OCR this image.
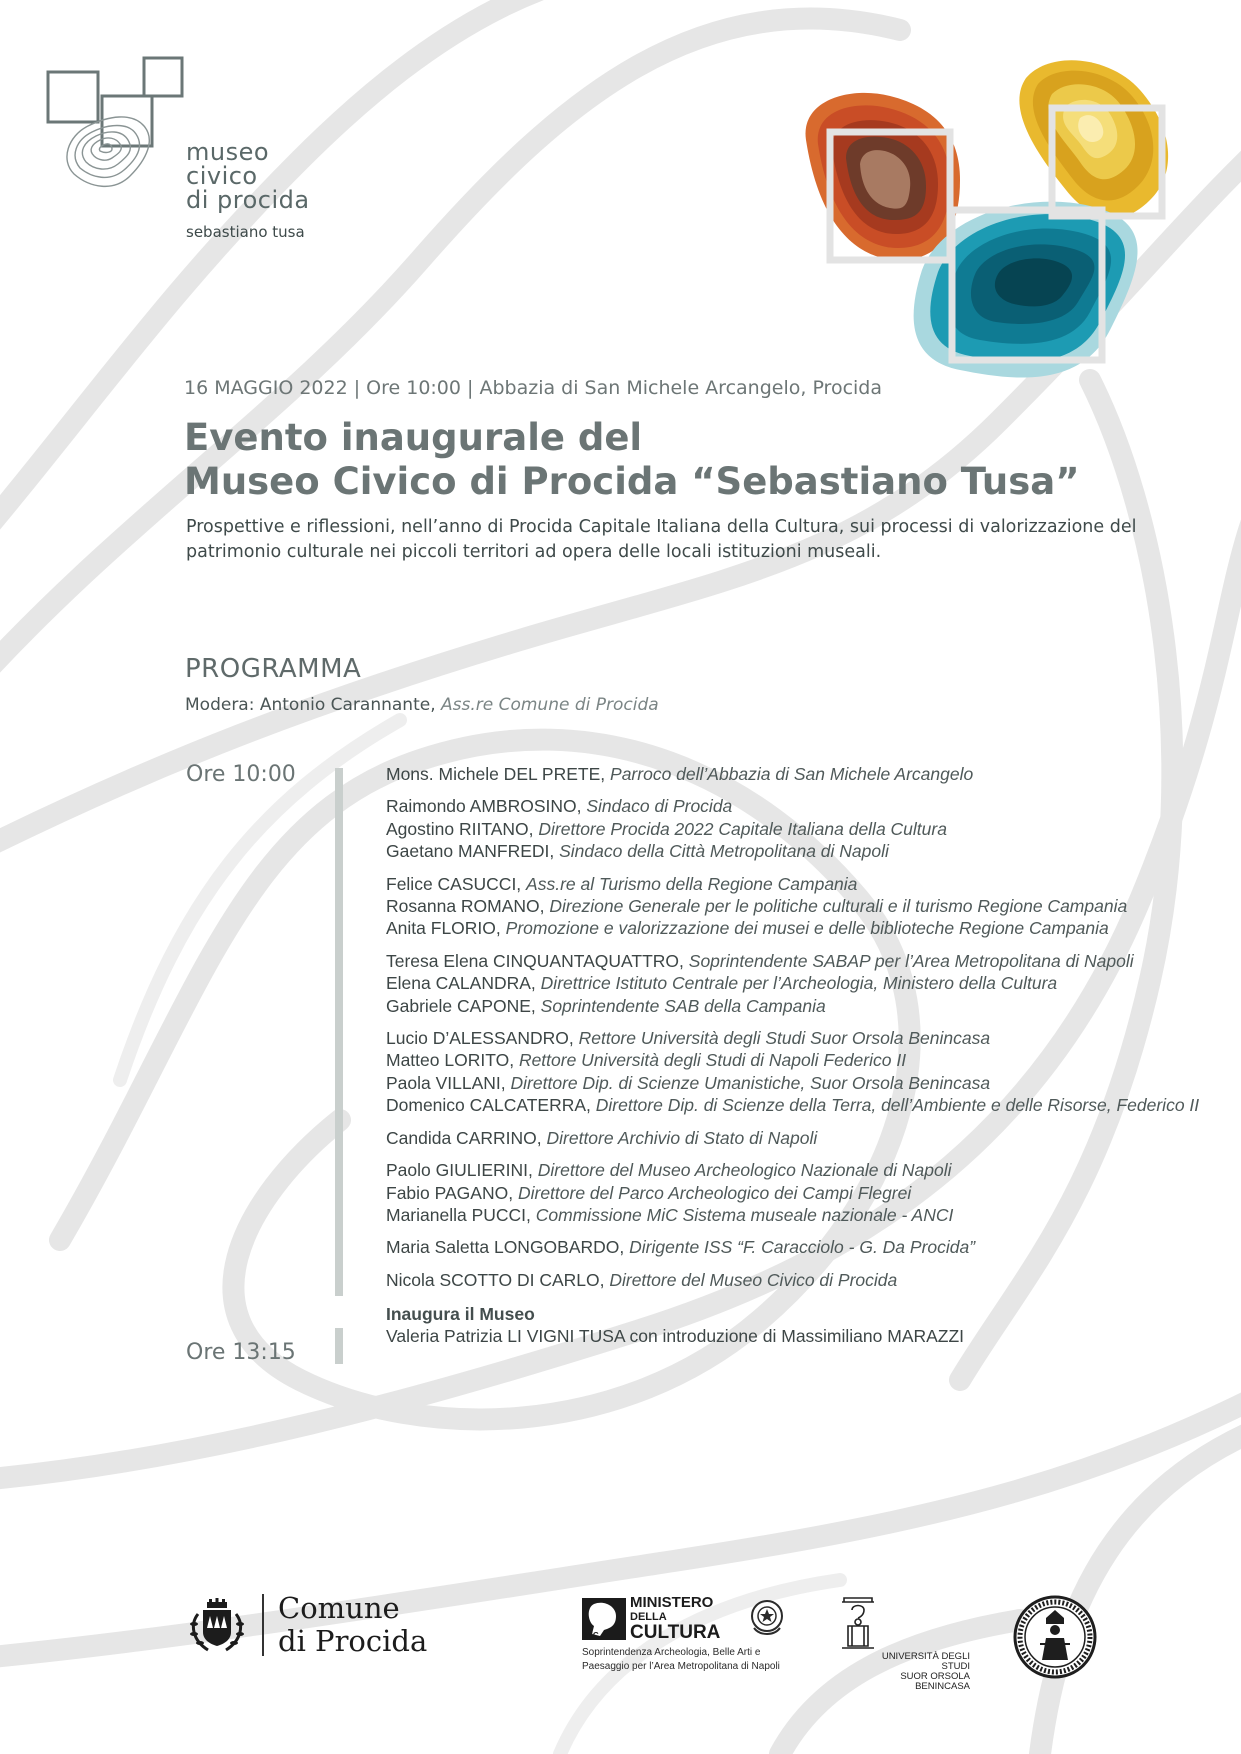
museo
civico
di procida
sebastiano tusa
16 MAGGIO 2022 | Ore 10:00 | Abbazia di San Michele Arcangelo, Procida
Evento inaugurale del
Museo Civico di Procida “Sebastiano Tusa”
Prospettive e riflessioni, nell’anno di Procida Capitale Italiana della Cultura, sui processi di valorizzazione del patrimonio culturale nei piccoli territori ad opera delle locali istituzioni museali.
PROGRAMMA
Modera: Antonio Carannante, Ass.re Comune di Procida
Ore 10:00
Ore 13:15
Mons. Michele DEL PRETE, Parroco dell’Abbazia di San Michele Arcangelo
Raimondo AMBROSINO, Sindaco di Procida
Agostino RIITANO, Direttore Procida 2022 Capitale Italiana della Cultura
Gaetano MANFREDI, Sindaco della Città Metropolitana di Napoli
Felice CASUCCI, Ass.re al Turismo della Regione Campania
Rosanna ROMANO, Direzione Generale per le politiche culturali e il turismo Regione Campania
Anita FLORIO, Promozione e valorizzazione dei musei e delle biblioteche Regione Campania
Teresa Elena CINQUANTAQUATTRO, Soprintendente SABAP per l’Area Metropolitana di Napoli
Elena CALANDRA, Direttrice Istituto Centrale per l’Archeologia, Ministero della Cultura
Gabriele CAPONE, Soprintendente SAB della Campania
Lucio D’ALESSANDRO, Rettore Università degli Studi Suor Orsola Benincasa
Matteo LORITO, Rettore Università degli Studi di Napoli Federico II
Paola VILLANI, Direttore Dip. di Scienze Umanistiche, Suor Orsola Benincasa
Domenico CALCATERRA, Direttore Dip. di Scienze della Terra, dell’Ambiente e delle Risorse, Federico II
Candida CARRINO, Direttore Archivio di Stato di Napoli
Paolo GIULIERINI, Direttore del Museo Archeologico Nazionale di Napoli
Fabio PAGANO, Direttore del Parco Archeologico dei Campi Flegrei
Marianella PUCCI, Commissione MiC Sistema museale nazionale - ANCI
Maria Saletta LONGOBARDO, Dirigente ISS “F. Caracciolo - G. Da Procida”
Nicola SCOTTO DI CARLO, Direttore del Museo Civico di Procida
Inaugura il Museo
Valeria Patrizia LI VIGNI TUSA con introduzione di Massimiliano MARAZZI
Comune
di Procida	MiC
MINISTERO
DELLA
CULTURA
Soprintendenza Archeologia, Belle Arti e
Paesaggio per l’Area Metropolitana di Napoli
UNIVERSITÀ DEGLI STUDI
SUOR ORSOLA
BENINCASA
